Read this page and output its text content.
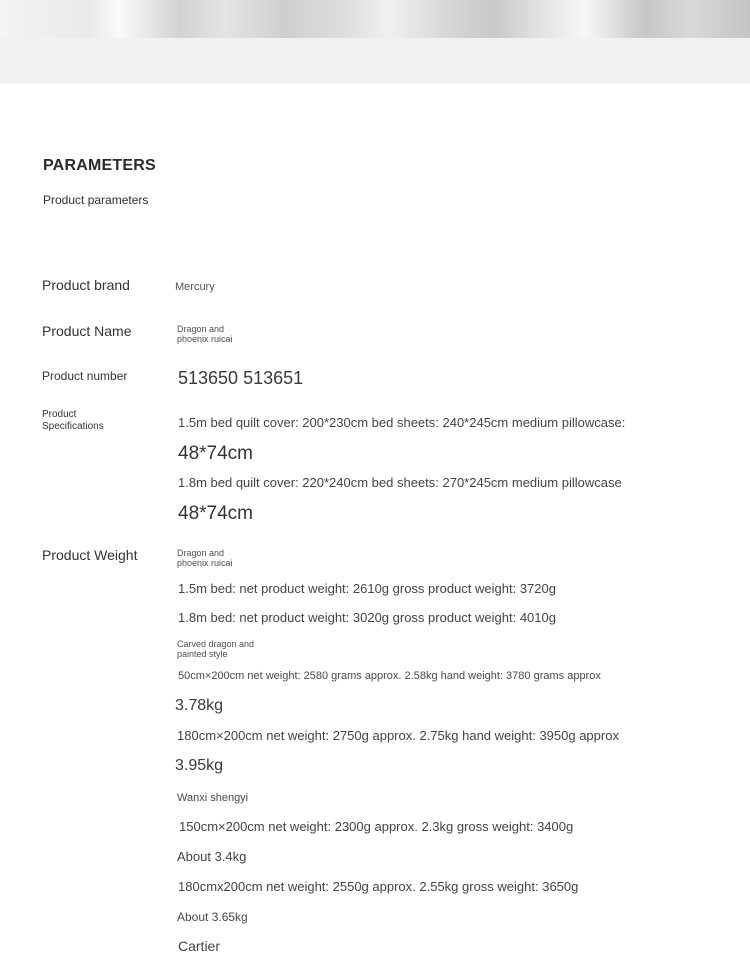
PARAMETERS

Product parameters

Product brand	Mercury

Product Name	Dragon and phoenix ruicai

Product number	513650 513651

Product Specifications	1.5m bed quilt cover: 200*230cm bed sheets: 240*245cm medium pillowcase:

48*74cm

1.8m bed quilt cover: 220*240cm bed sheets: 270*245cm medium pillowcase

48*74cm

Product Weight	Dragon and phoenix ruicai

1.5m bed: net product weight: 2610g gross product weight: 3720g

1.8m bed: net product weight: 3020g gross product weight: 4010g

Carved dragon and painted style

50cm×200cm net weight: 2580 grams approx. 2.58kg hand weight: 3780 grams approx

3.78kg

180cm×200cm net weight: 2750g approx. 2.75kg hand weight: 3950g approx

3.95kg

Wanxi shengyi

150cm×200cm net weight: 2300g approx. 2.3kg gross weight: 3400g

About 3.4kg

180cmx200cm net weight: 2550g approx. 2.55kg gross weight: 3650g

About 3.65kg

Cartier
